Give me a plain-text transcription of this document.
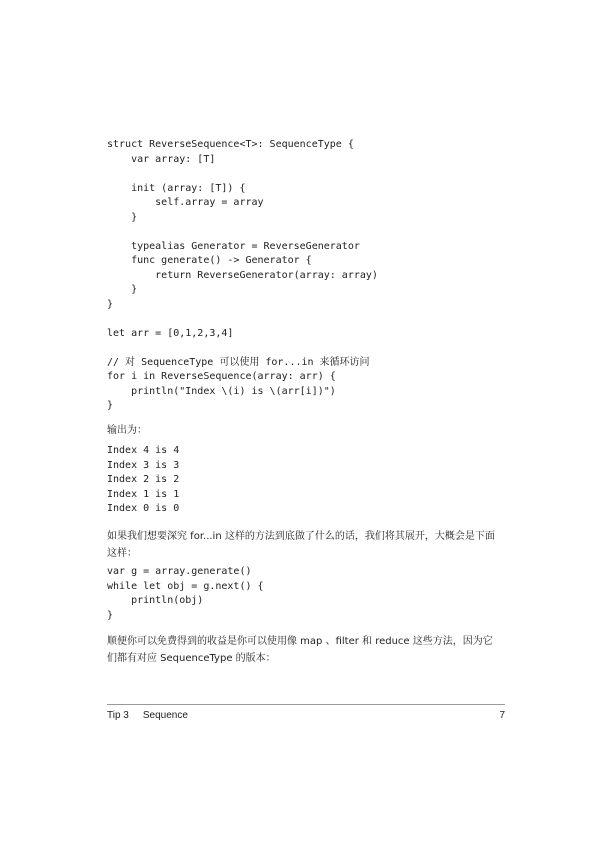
struct ReverseSequence<T>: SequenceType {
var array: [T]

init (array: [T]) {
self.array = array
}

typealias Generator = ReverseGenerator
func generate() -> Generator {
return ReverseGenerator(array: array)
}
}

let arr = [0,1,2,3,4]

// 对 SequenceType 可以使用 for...in 来循环访问
for i in ReverseSequence(array: arr) {
println("Index \(i) is \(arr[i])")
}

输出为：

Index 4 is 4
Index 3 is 3
Index 2 is 2
Index 1 is 1
Index 0 is 0

如果我们想要深究 for...in 这样的方法到底做了什么的话，我们将其展开，大概会是下面这样：

var g = array.generate()
while let obj = g.next() {
println(obj)
}

顺便你可以免费得到的收益是你可以使用像 map 、filter 和 reduce 这些方法，因为它们都有对应 SequenceType 的版本：

Tip 3 Sequence	7
